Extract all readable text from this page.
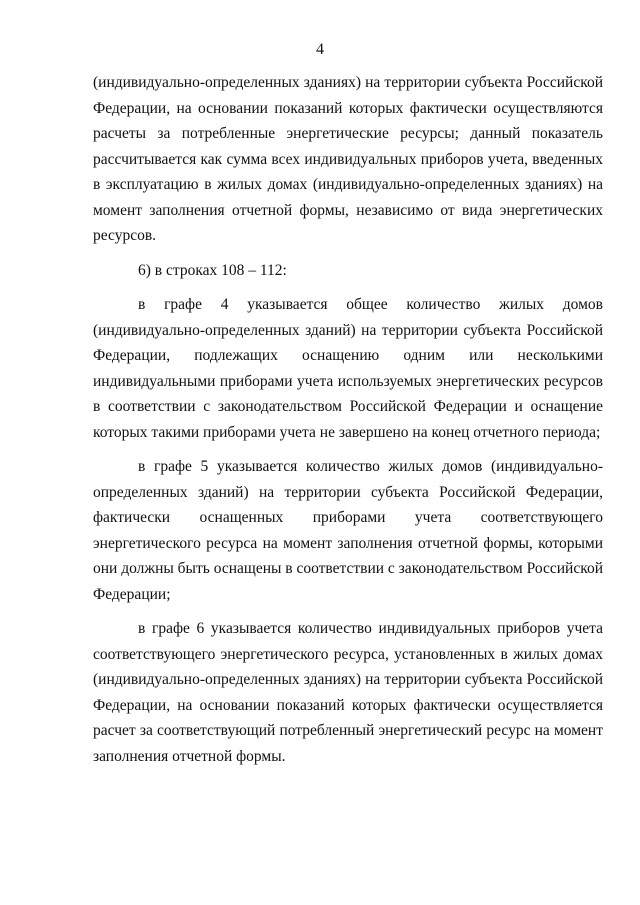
4

(индивидуально-определенных зданиях) на территории субъекта Российской Федерации, на основании показаний которых фактически осуществляются расчеты за потребленные энергетические ресурсы; данный показатель рассчитывается как сумма всех индивидуальных приборов учета, введенных в эксплуатацию в жилых домах (индивидуально-определенных зданиях) на момент заполнения отчетной формы, независимо от вида энергетических ресурсов.

6) в строках 108 – 112:

в графе 4 указывается общее количество жилых домов (индивидуально-определенных зданий) на территории субъекта Российской Федерации, подлежащих оснащению одним или несколькими индивидуальными приборами учета используемых энергетических ресурсов в соответствии с законодательством Российской Федерации и оснащение которых такими приборами учета не завершено на конец отчетного периода;

в графе 5 указывается количество жилых домов (индивидуально-определенных зданий) на территории субъекта Российской Федерации, фактически оснащенных приборами учета соответствующего энергетического ресурса на момент заполнения отчетной формы, которыми они должны быть оснащены в соответствии с законодательством Российской Федерации;

в графе 6 указывается количество индивидуальных приборов учета соответствующего энергетического ресурса, установленных в жилых домах (индивидуально-определенных зданиях) на территории субъекта Российской Федерации, на основании показаний которых фактически осуществляется расчет за соответствующий потребленный энергетический ресурс на момент заполнения отчетной формы.
